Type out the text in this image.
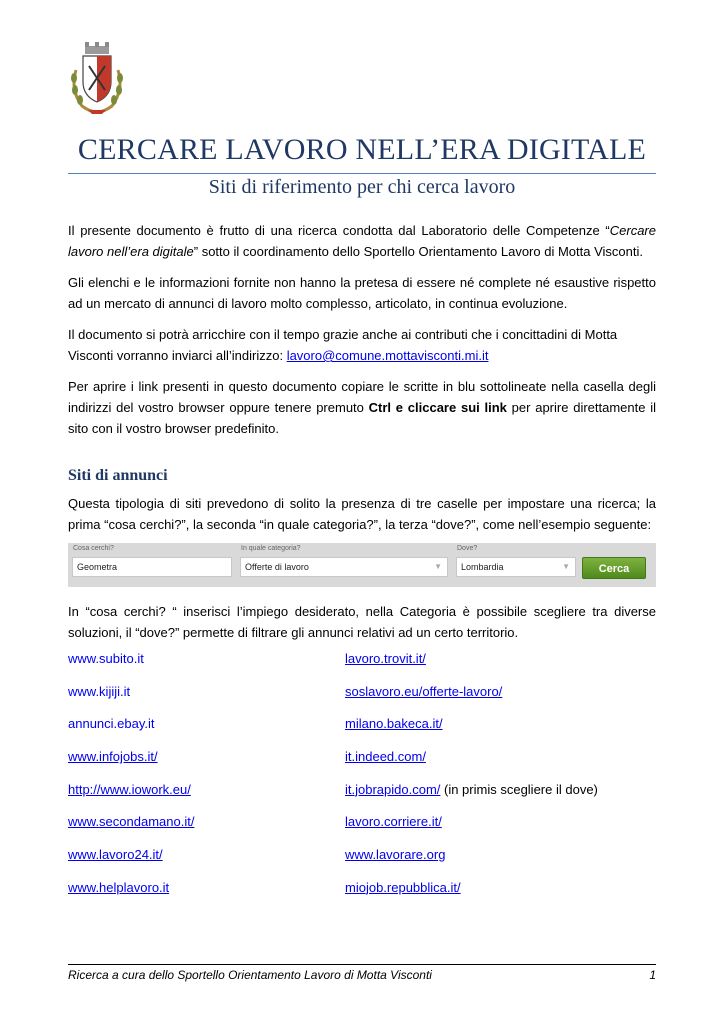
CERCARE LAVORO NELL’ERA DIGITALE
Siti di riferimento per chi cerca lavoro

Il presente documento è frutto di una ricerca condotta dal Laboratorio delle Competenze “Cercare lavoro nell’era digitale” sotto il coordinamento dello Sportello Orientamento Lavoro di Motta Visconti.

Gli elenchi e le informazioni fornite non hanno la pretesa di essere né complete né esaustive rispetto ad un mercato di annunci di lavoro molto complesso, articolato, in continua evoluzione.

Il documento si potrà arricchire con il tempo grazie anche ai contributi che i concittadini di Motta Visconti vorranno inviarci all’indirizzo: lavoro@comune.mottavisconti.mi.it

Per aprire i link presenti in questo documento copiare le scritte in blu sottolineate nella casella degli indirizzi del vostro browser oppure tenere premuto Ctrl e cliccare sui link per aprire direttamente il sito con il vostro browser predefinito.

Siti di annunci

Questa tipologia di siti prevedono di solito la presenza di tre caselle per impostare una ricerca; la prima “cosa cerchi?”, la seconda “in quale categoria?”, la terza “dove?”, come nell’esempio seguente:

Cosa cerchi?
Geometra
In quale categoria?
Offerte di lavoro	▼
Dove?
Lombardia	▼	Cerca

In “cosa cerchi? “ inserisci l’impiego desiderato, nella Categoria è possibile scegliere tra diverse soluzioni, il “dove?” permette di filtrare gli annunci relativi ad un certo territorio.

www.subito.it	lavoro.trovit.it/
www.kijiji.it	soslavoro.eu/offerte-lavoro/
annunci.ebay.it	milano.bakeca.it/
www.infojobs.it/	it.indeed.com/
http://www.iowork.eu/	it.jobrapido.com/ (in primis scegliere il dove)
www.secondamano.it/	lavoro.corriere.it/
www.lavoro24.it/	www.lavorare.org
www.helplavoro.it	miojob.repubblica.it/
Ricerca a cura dello Sportello Orientamento Lavoro di Motta Visconti	1
